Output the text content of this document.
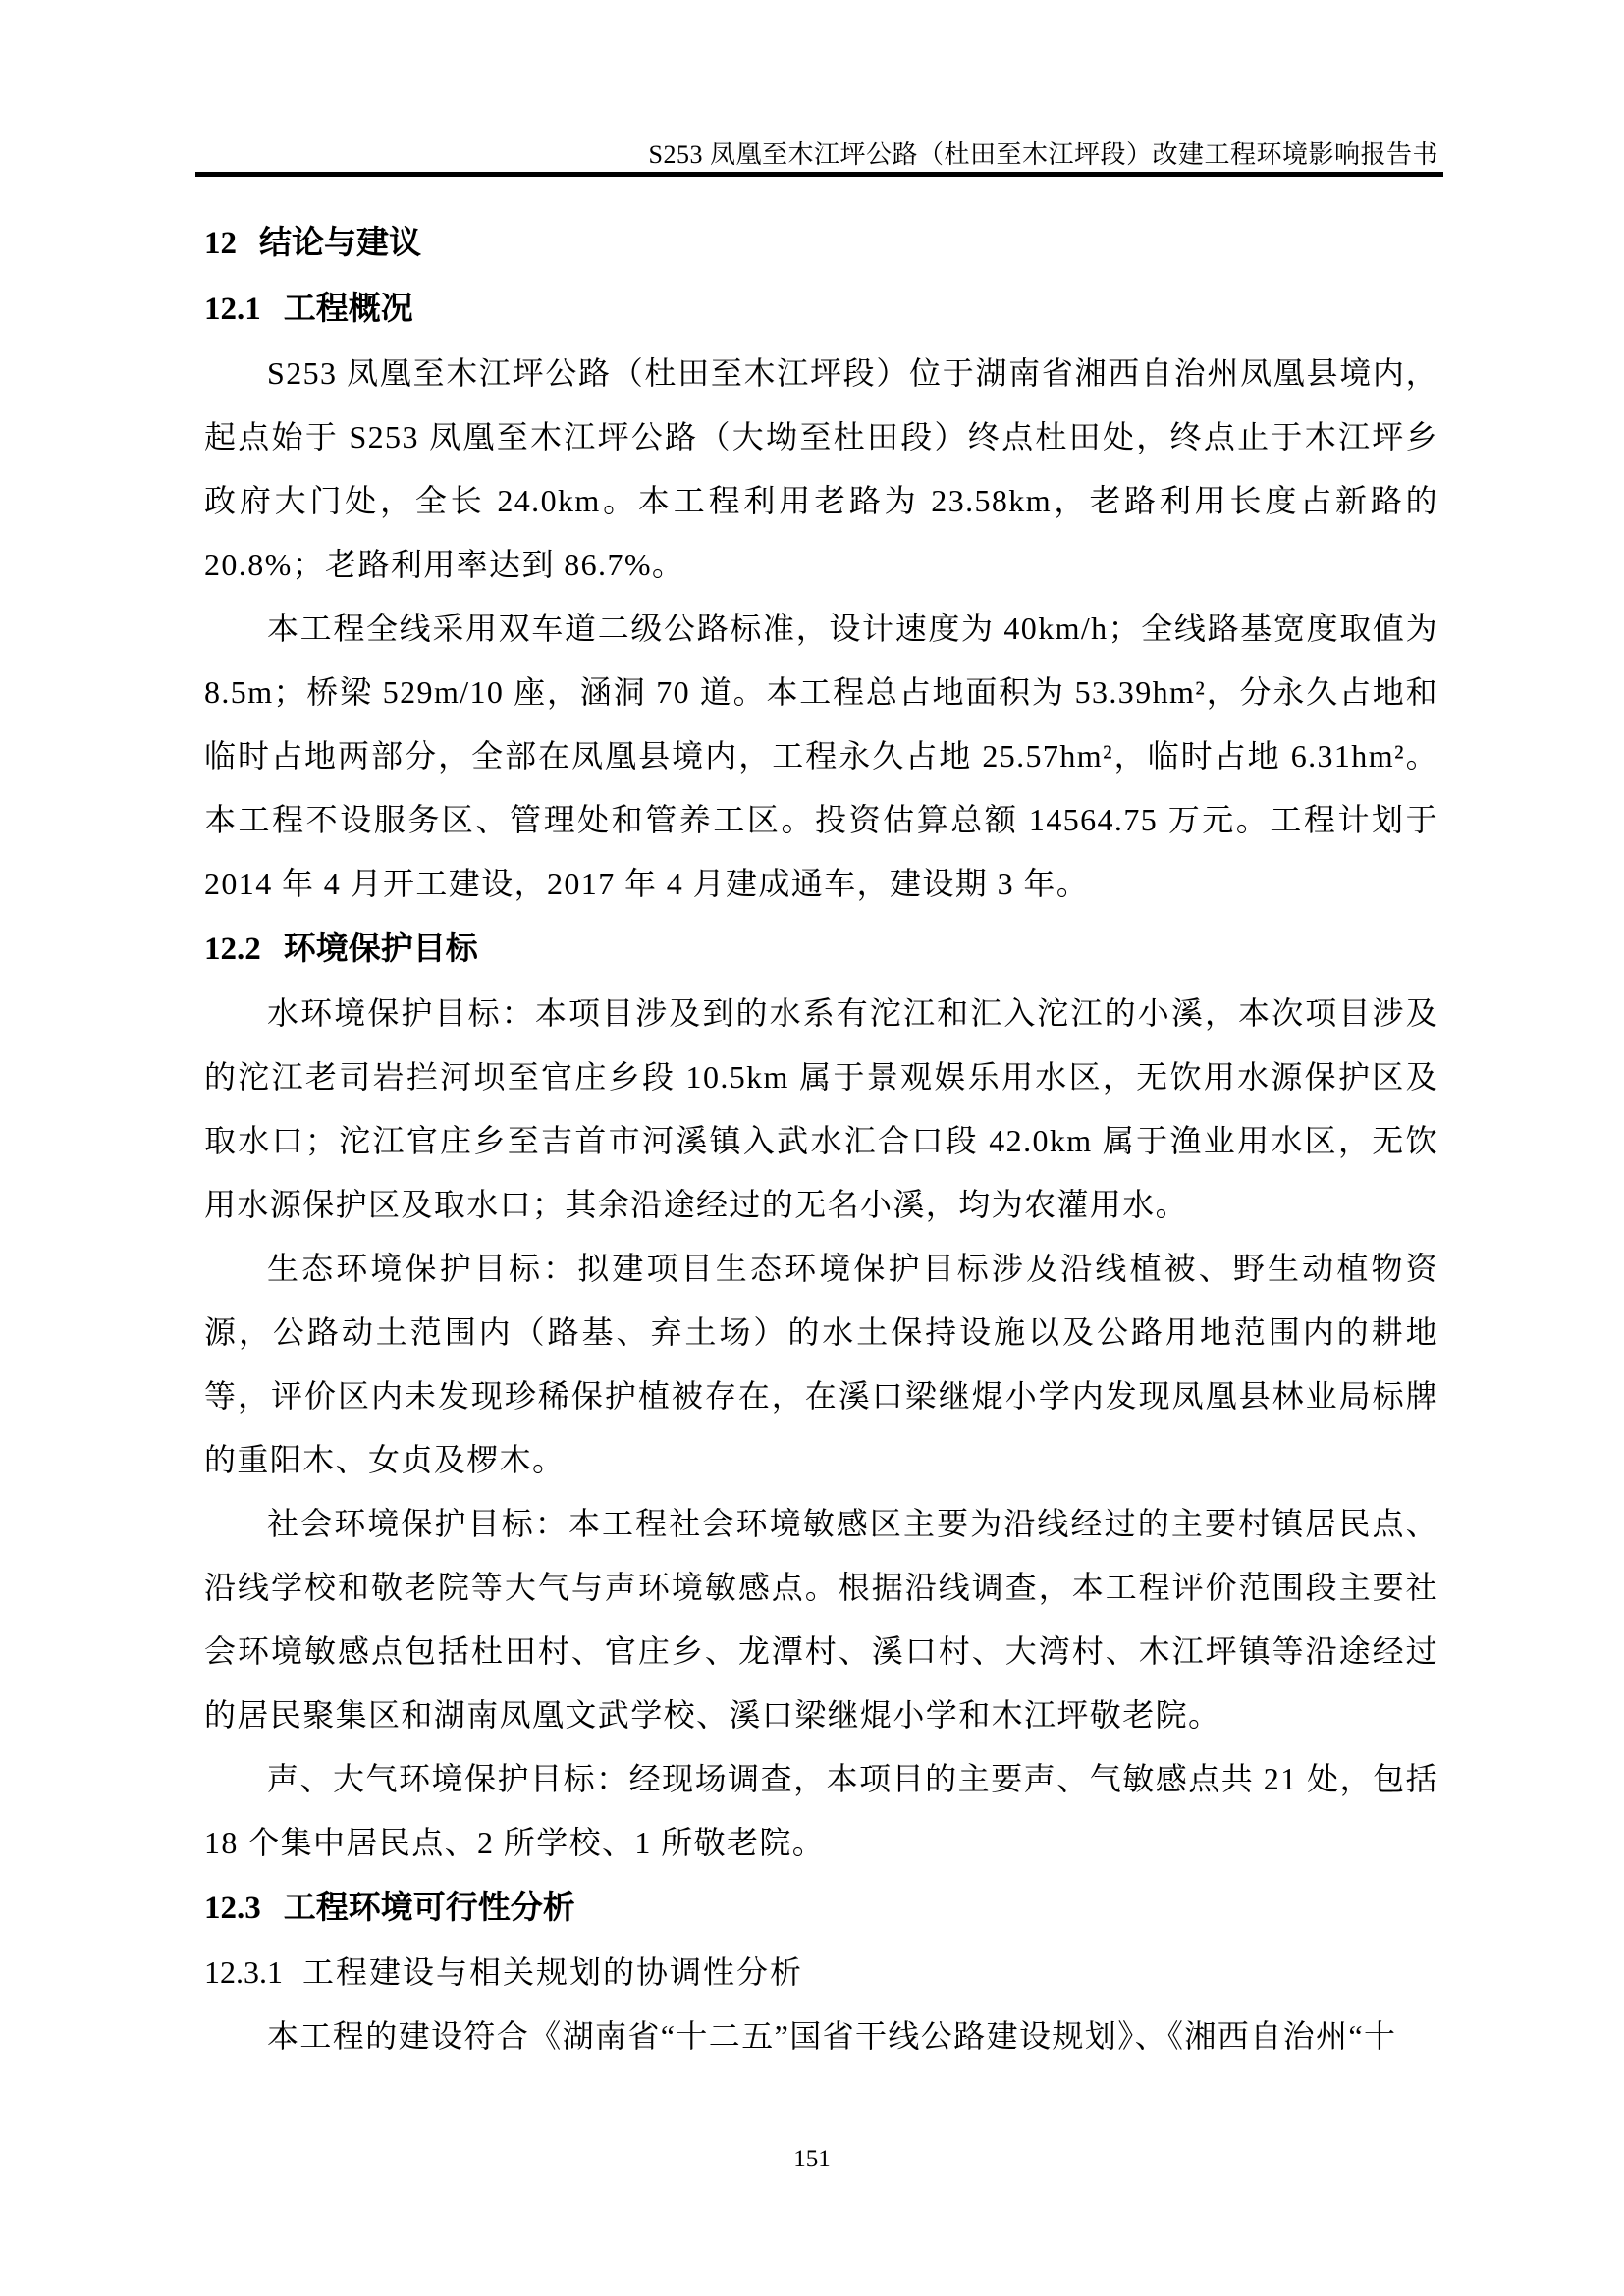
S253 凤凰至木江坪公路（杜田至木江坪段）改建工程环境影响报告书
12 结论与建议
12.1 工程概况

S253 凤凰至木江坪公路（杜田至木江坪段）位于湖南省湘西自治州凤凰县境内，起点始于 S253 凤凰至木江坪公路（大坳至杜田段）终点杜田处，终点止于木江坪乡政府大门处，全长 24.0km。本工程利用老路为 23.58km，老路利用长度占新路的 20.8%；老路利用率达到 86.7%。

本工程全线采用双车道二级公路标准，设计速度为 40km/h；全线路基宽度取值为 8.5m；桥梁 529m/10 座，涵洞 70 道。本工程总占地面积为 53.39hm²，分永久占地和临时占地两部分，全部在凤凰县境内，工程永久占地 25.57hm²，临时占地 6.31hm²。本工程不设服务区、管理处和管养工区。投资估算总额 14564.75 万元。工程计划于 2014 年 4 月开工建设，2017 年 4 月建成通车，建设期 3 年。

12.2 环境保护目标

水环境保护目标：本项目涉及到的水系有沱江和汇入沱江的小溪，本次项目涉及的沱江老司岩拦河坝至官庄乡段 10.5km 属于景观娱乐用水区，无饮用水源保护区及取水口；沱江官庄乡至吉首市河溪镇入武水汇合口段 42.0km 属于渔业用水区，无饮用水源保护区及取水口；其余沿途经过的无名小溪，均为农灌用水。

生态环境保护目标：拟建项目生态环境保护目标涉及沿线植被、野生动植物资源，公路动土范围内（路基、弃土场）的水土保持设施以及公路用地范围内的耕地等，评价区内未发现珍稀保护植被存在，在溪口梁继焜小学内发现凤凰县林业局标牌的重阳木、女贞及椤木。

社会环境保护目标：本工程社会环境敏感区主要为沿线经过的主要村镇居民点、沿线学校和敬老院等大气与声环境敏感点。根据沿线调查，本工程评价范围段主要社会环境敏感点包括杜田村、官庄乡、龙潭村、溪口村、大湾村、木江坪镇等沿途经过的居民聚集区和湖南凤凰文武学校、溪口梁继焜小学和木江坪敬老院。

声、大气环境保护目标：经现场调查，本项目的主要声、气敏感点共 21 处，包括 18 个集中居民点、2 所学校、1 所敬老院。

12.3 工程环境可行性分析
12.3.1 工程建设与相关规划的协调性分析

本工程的建设符合《湖南省“十二五”国省干线公路建设规划》、《湘西自治州“十

151
